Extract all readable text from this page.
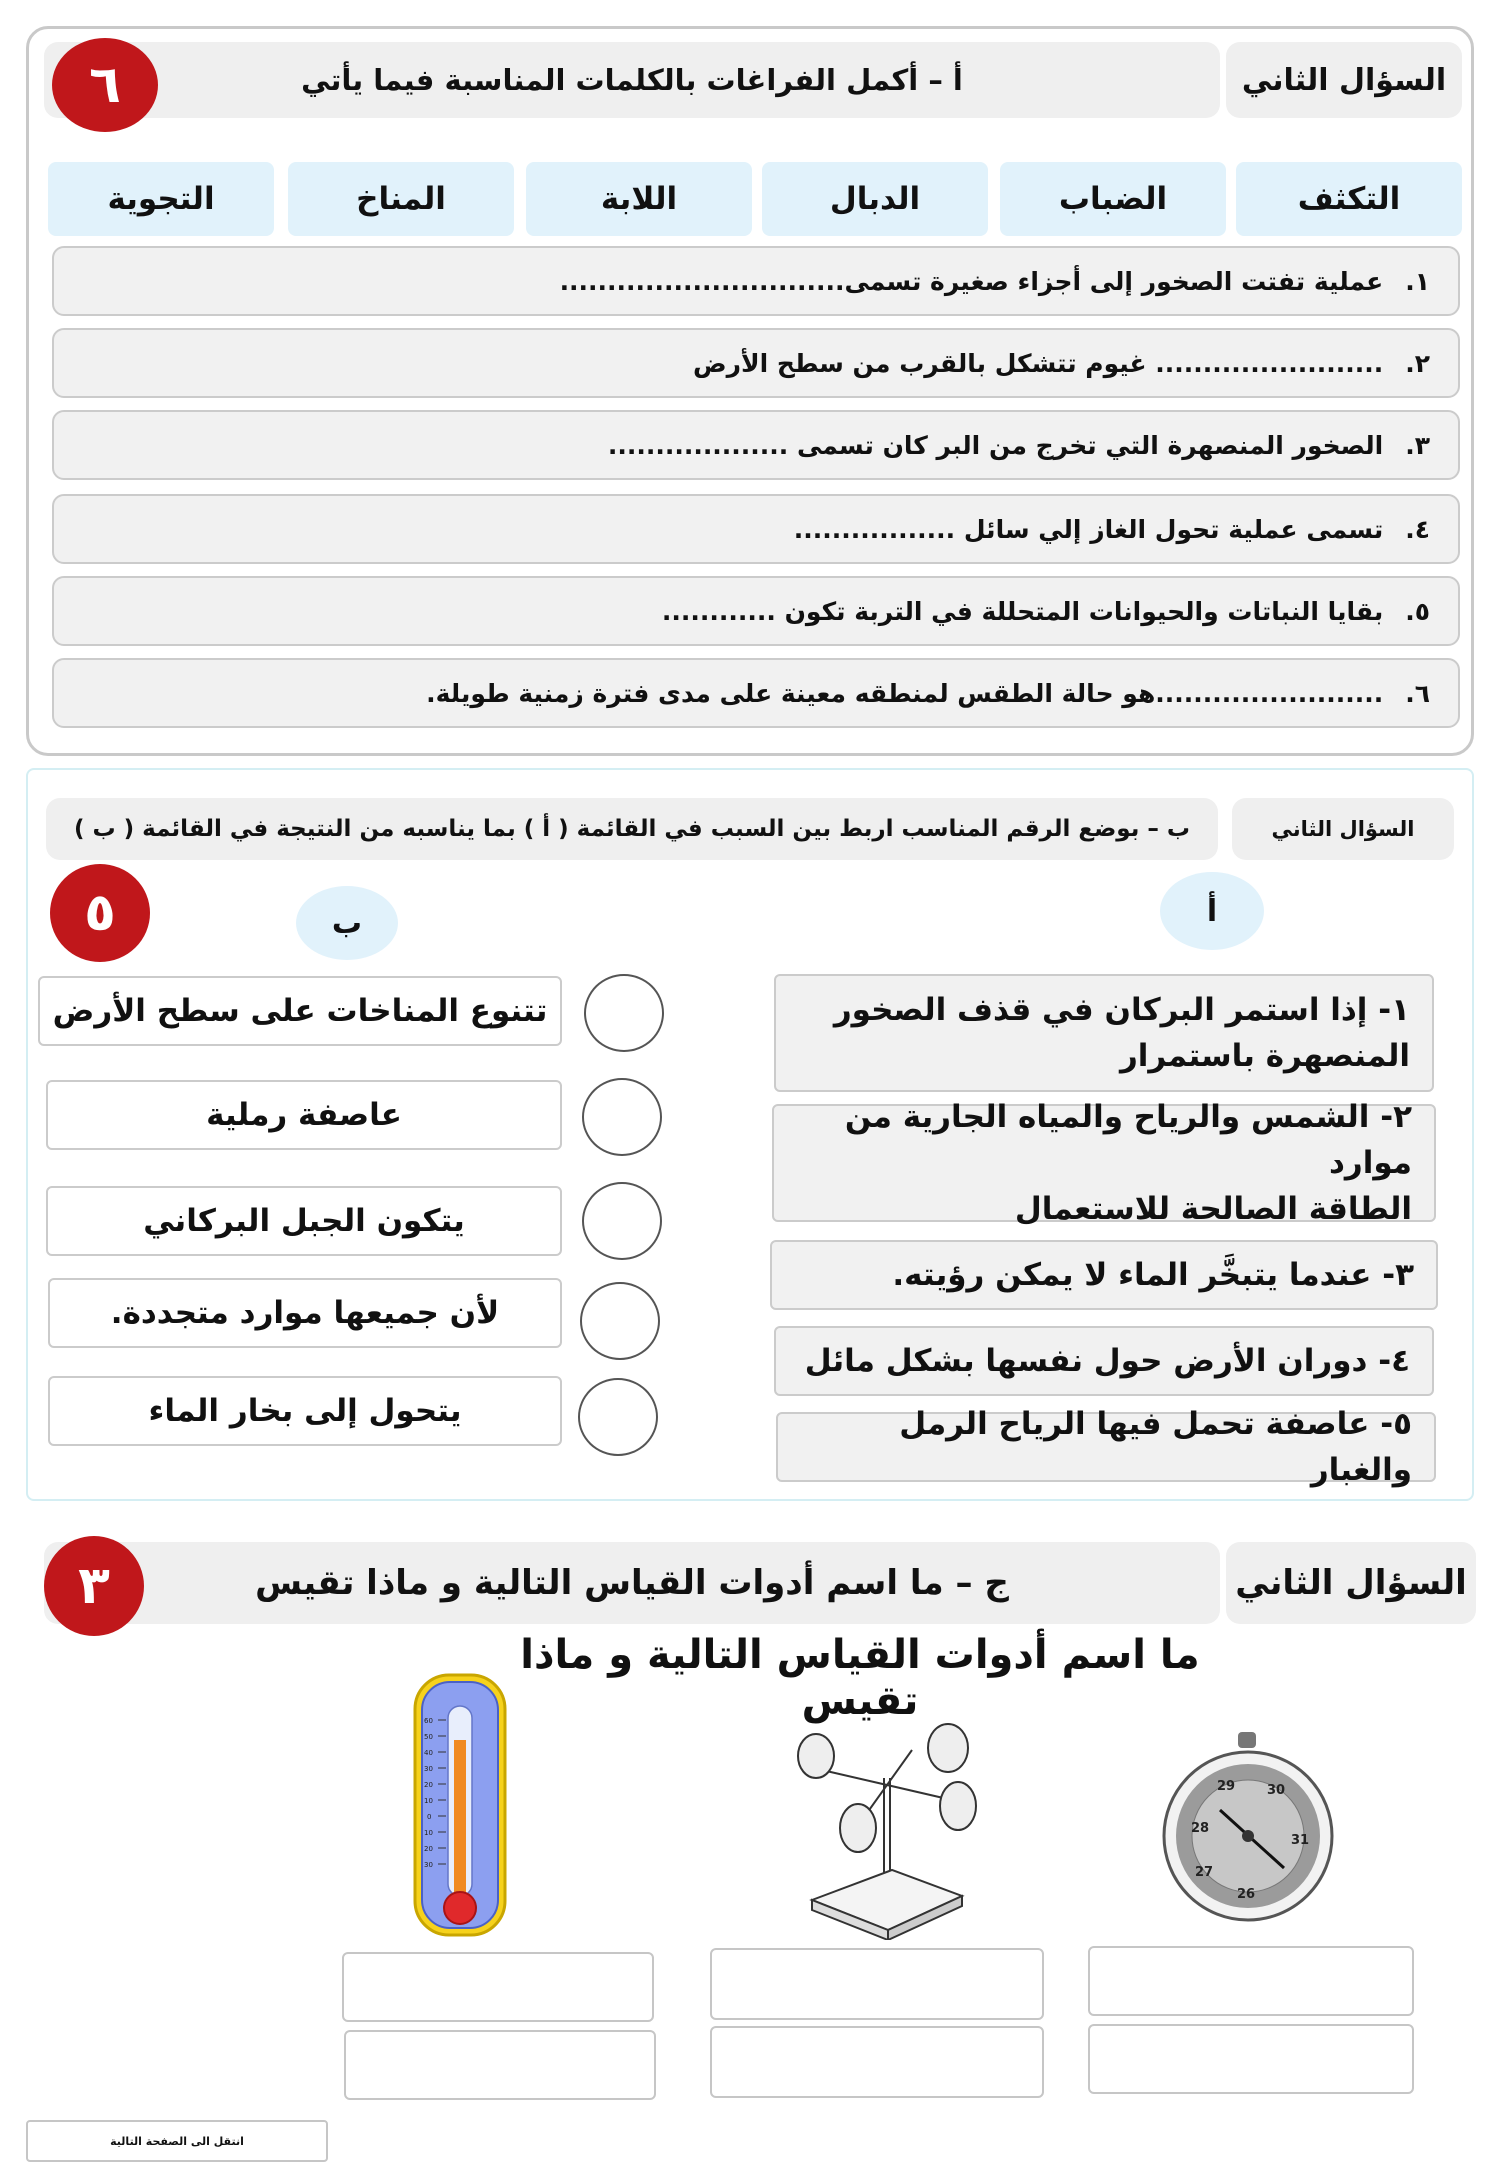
السؤال الثاني
أ – أكمل الفراغات بالكلمات المناسبة فيما يأتي
٦
التكثف
الضباب
الدبال
اللابة
المناخ
التجوية
١.
عملية تفتت الصخور إلى أجزاء صغيرة تسمى..............................
٢.
........................ غيوم تتشكل بالقرب من سطح الأرض
٣.
الصخور المنصهرة التي تخرج من البر كان تسمى ...................
٤.
تسمى عملية تحول الغاز إلي سائل .................
٥.
بقايا النباتات والحيوانات المتحللة في التربة تكون ............
٦.
........................هو حالة الطقس لمنطقه معينة على مدى فترة زمنية طويلة.
السؤال الثاني
ب – بوضع الرقم المناسب اربط بين السبب في القائمة ( أ ) بما يناسبه من النتيجة في القائمة ( ب )
٥	أ
ب
١- إذا استمر البركان في قذف الصخور
المنصهرة باستمرار
٢- الشمس والرياح والمياه الجارية من موارد
الطاقة الصالحة للاستعمال
٣- عندما يتبخَّر الماء لا يمكن رؤيته.
٤- دوران الأرض حول نفسها بشكل مائل
٥- عاصفة تحمل فيها الرياح الرمل والغبار
تتنوع المناخات على سطح الأرض
عاصفة رملية
يتكون الجبل البركاني
لأن جميعها موارد متجددة.
يتحول إلى بخار الماء
السؤال الثاني
ج – ما اسم أدوات القياس التالية و ماذا تقيس
٣
ما اسم أدوات القياس التالية و ماذا تقيس
60
50
40
30
20
10
0
10
20
30
31
30
29
28
27
26
انتقل الى الصفحة التالية
